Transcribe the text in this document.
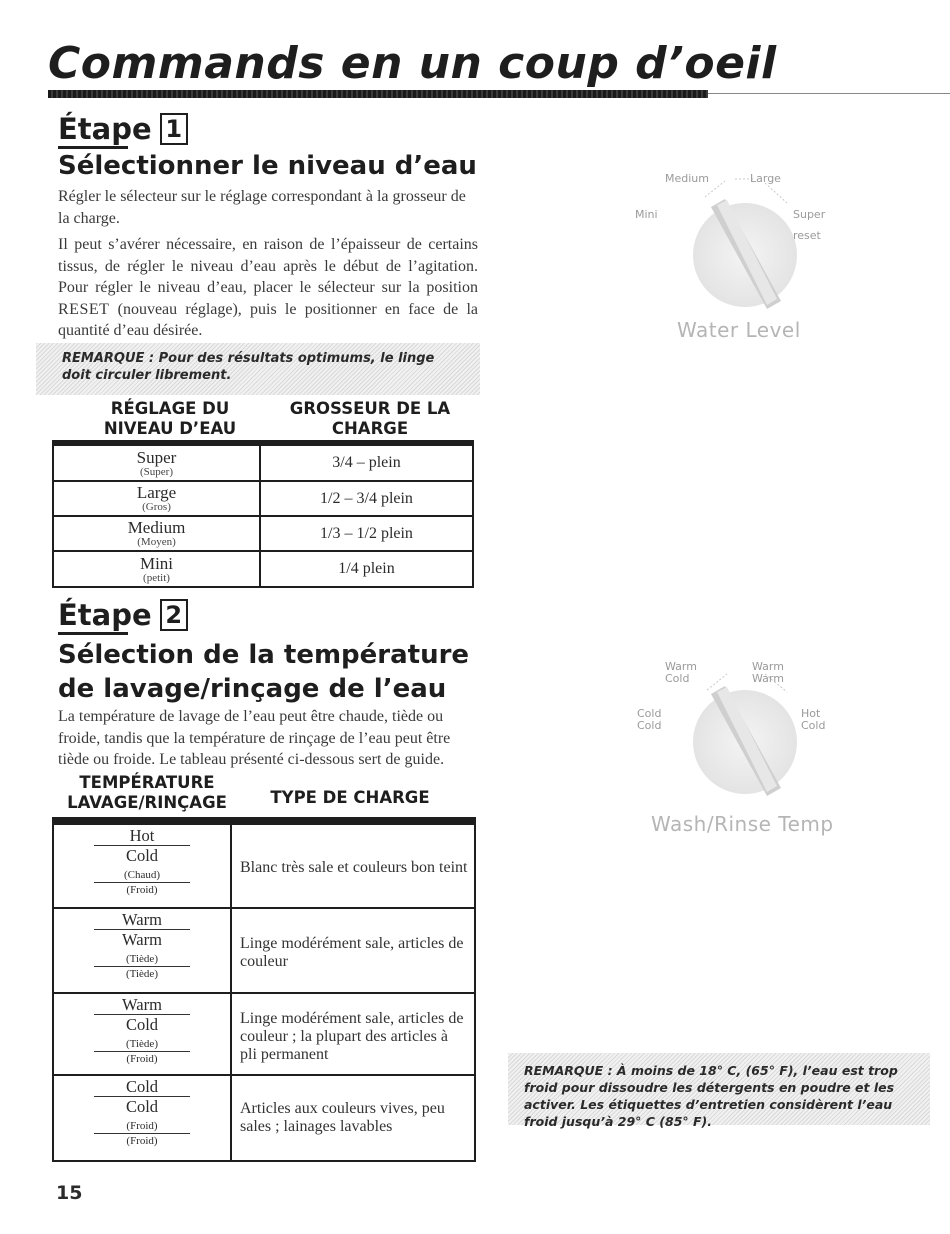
Commands en un coup d’oeil
Étape 1
Sélectionner le niveau d’eau

Régler le sélecteur sur le réglage correspondant à la grosseur de la charge.

Il peut s’avérer nécessaire, en raison de l’épaisseur de certains tissus, de régler le niveau d’eau après le début de l’agitation. Pour régler le niveau d’eau, placer le sélecteur sur la position RESET (nouveau réglage), puis le positionner en face de la quantité d’eau désirée.

REMARQUE : Pour des résultats optimums, le linge doit circuler librement.

RÉGLAGE DU
NIVEAU D’EAU

GROSSEUR DE LA
CHARGE

Super
(Super)	3/4 – plein

Large
(Gros)	1/2 – 3/4 plein

Medium
(Moyen)	1/3 – 1/2 plein

Mini
(petit)	1/4 plein
Étape 2
Sélection de la température
de lavage/rinçage de l’eau

La température de lavage de l’eau peut être chaude, tiède ou froide, tandis que la température de rinçage de l’eau peut être tiède ou froide. Le tableau présenté ci-dessous sert de guide.

TEMPÉRATURE
LAVAGE/RINÇAGE	TYPE DE CHARGE

Hot
Cold
(Chaud)
(Froid)	Blanc très sale et couleurs bon teint

Warm
Warm
(Tiède)
(Tiède)	Linge modérément sale, articles de couleur

Warm
Cold
(Tiède)
(Froid)	Linge modérément sale, articles de couleur ; la plupart des articles à pli permanent

Cold
Cold
(Froid)
(Froid)	Articles aux couleurs vives, peu sales ; lainages lavables

Medium	Large

Mini	Super

reset

Water Level

Warm
Cold

Warm
Warm

Cold
Cold

Hot
Cold

Wash/Rinse Temp

REMARQUE : À moins de 18° C, (65° F), l’eau est trop froid pour dissoudre les détergents en poudre et les activer. Les étiquettes d’entretien considèrent l’eau froid jusqu’à 29° C (85° F).

15
